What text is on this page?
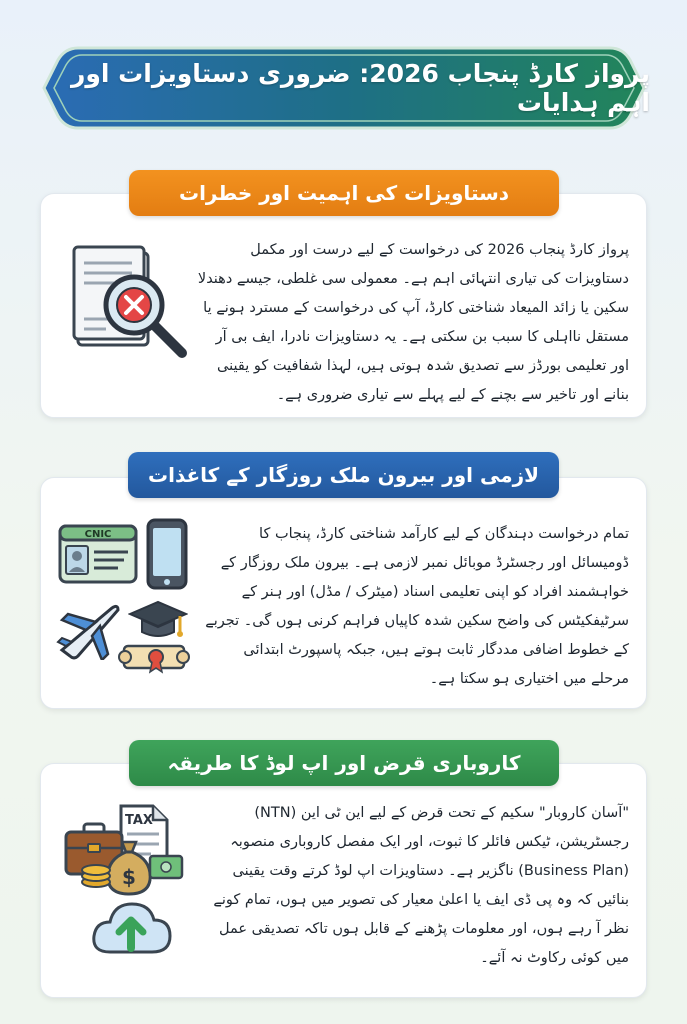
پرواز کارڈ پنجاب 2026: ضروری دستاویزات اور اہم ہدایات
دستاویزات کی اہمیت اور خطرات
پرواز کارڈ پنجاب 2026 کی درخواست کے لیے درست اور مکمل دستاویزات کی تیاری انتہائی اہم ہے۔ معمولی سی غلطی، جیسے دھندلا سکین یا زائد المیعاد شناختی کارڈ، آپ کی درخواست کے مسترد ہونے یا مستقل نااہلی کا سبب بن سکتی ہے۔ یہ دستاویزات نادرا، ایف بی آر اور تعلیمی بورڈز سے تصدیق شدہ ہوتی ہیں، لہذا شفافیت کو یقینی بنانے اور تاخیر سے بچنے کے لیے پہلے سے تیاری ضروری ہے۔
لازمی اور بیرون ملک روزگار کے کاغذات
تمام درخواست دہندگان کے لیے کارآمد شناختی کارڈ، پنجاب کا ڈومیسائل اور رجسٹرڈ موبائل نمبر لازمی ہے۔ بیرون ملک روزگار کے خواہشمند افراد کو اپنی تعلیمی اسناد (میٹرک / مڈل) اور ہنر کے سرٹیفکیٹس کی واضح سکین شدہ کاپیاں فراہم کرنی ہوں گی۔ تجربے کے خطوط اضافی مددگار ثابت ہوتے ہیں، جبکہ پاسپورٹ ابتدائی مرحلے میں اختیاری ہو سکتا ہے۔
CNIC
کاروباری قرض اور اپ لوڈ کا طریقہ
"آسان کاروبار" سکیم کے تحت قرض کے لیے این ٹی این (NTN) رجسٹریشن، ٹیکس فائلر کا ثبوت، اور ایک مفصل کاروباری منصوبہ (Business Plan) ناگزیر ہے۔ دستاویزات اپ لوڈ کرتے وقت یقینی بنائیں کہ وہ پی ڈی ایف یا اعلیٰ معیار کی تصویر میں ہوں، تمام کونے نظر آ رہے ہوں، اور معلومات پڑھنے کے قابل ہوں تاکہ تصدیقی عمل میں کوئی رکاوٹ نہ آئے۔
TAX
$
